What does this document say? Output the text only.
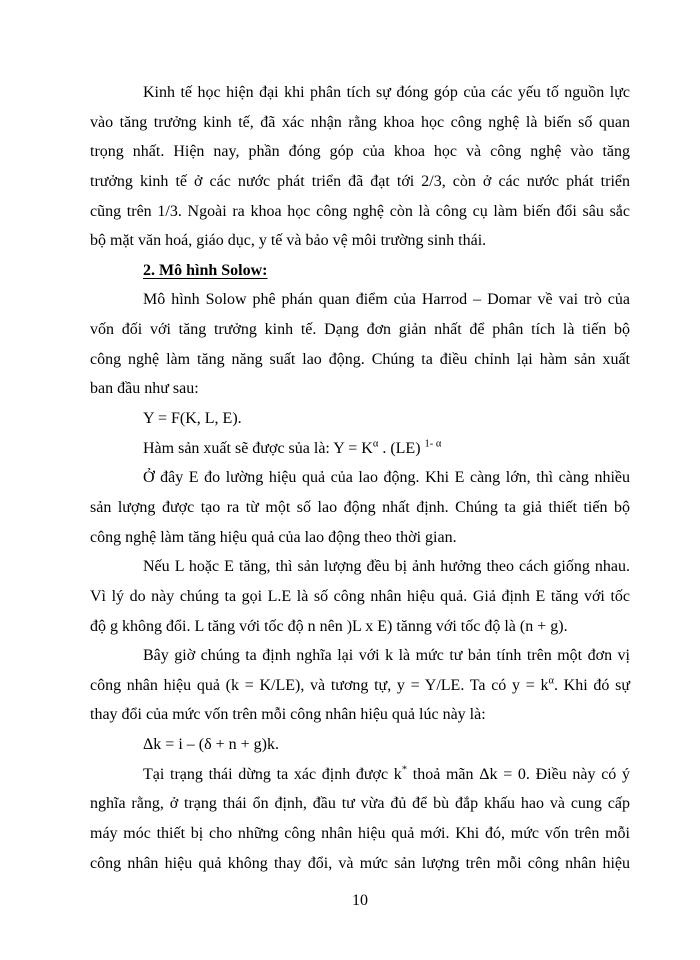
Kinh tế học hiện đại khi phân tích sự đóng góp của các yếu tố nguồn lực
vào tăng trưởng kinh tế, đã xác nhận rằng khoa học công nghệ là biến số quan
trọng nhất. Hiện nay, phần đóng góp của khoa học và công nghệ vào tăng
trưởng kinh tế ở các nước phát triển đã đạt tới 2/3, còn ở các nước phát triển
cũng trên 1/3. Ngoài ra khoa học công nghệ còn là công cụ làm biến đổi sâu sắc
bộ mặt văn hoá, giáo dục, y tế và bảo vệ môi trường sinh thái.
2. Mô hình Solow:
Mô hình Solow phê phán quan điểm của Harrod – Domar về vai trò của
vốn đối với tăng trưởng kinh tế. Dạng đơn giản nhất để phân tích là tiến bộ
công nghệ làm tăng năng suất lao động. Chúng ta điều chỉnh lại hàm sản xuất
ban đầu như sau:
Y = F(K, L, E).
Hàm sản xuất sẽ được sủa là: $Y = K^\alpha$ . (LE) $^{1- \alpha}$
Ở đây E đo lường hiệu quả của lao động. Khi E càng lớn, thì càng nhiều
sản lượng được tạo ra từ một số lao động nhất định. Chúng ta giả thiết tiến bộ
công nghệ làm tăng hiệu quả của lao động theo thời gian.
Nếu L hoặc E tăng, thì sản lượng đều bị ảnh hưởng theo cách giống nhau.
Vì lý do này chúng ta gọi L.E là số công nhân hiệu quả. Giả định E tăng với tốc
độ g không đổi. L tăng với tốc độ n nên )L x E) tănng với tốc độ là (n + g).
Bây giờ chúng ta định nghĩa lại với k là mức tư bản tính trên một đơn vị
công nhân hiệu quả (k = K/LE), và tương tự, y = Y/LE. Ta có $y = k^\alpha$. Khi đó sự
thay đổi của mức vốn trên mỗi công nhân hiệu quả lúc này là:
Δk = i – (δ + n + g)k.
Tại trạng thái dừng ta xác định được k* thoả mãn Δk = 0. Điều này có ý
nghĩa rằng, ở trạng thái ổn định, đầu tư vừa đủ để bù đắp khấu hao và cung cấp
máy móc thiết bị cho những công nhân hiệu quả mới. Khi đó, mức vốn trên mỗi
công nhân hiệu quả không thay đổi, và mức sản lượng trên mỗi công nhân hiệu
10
